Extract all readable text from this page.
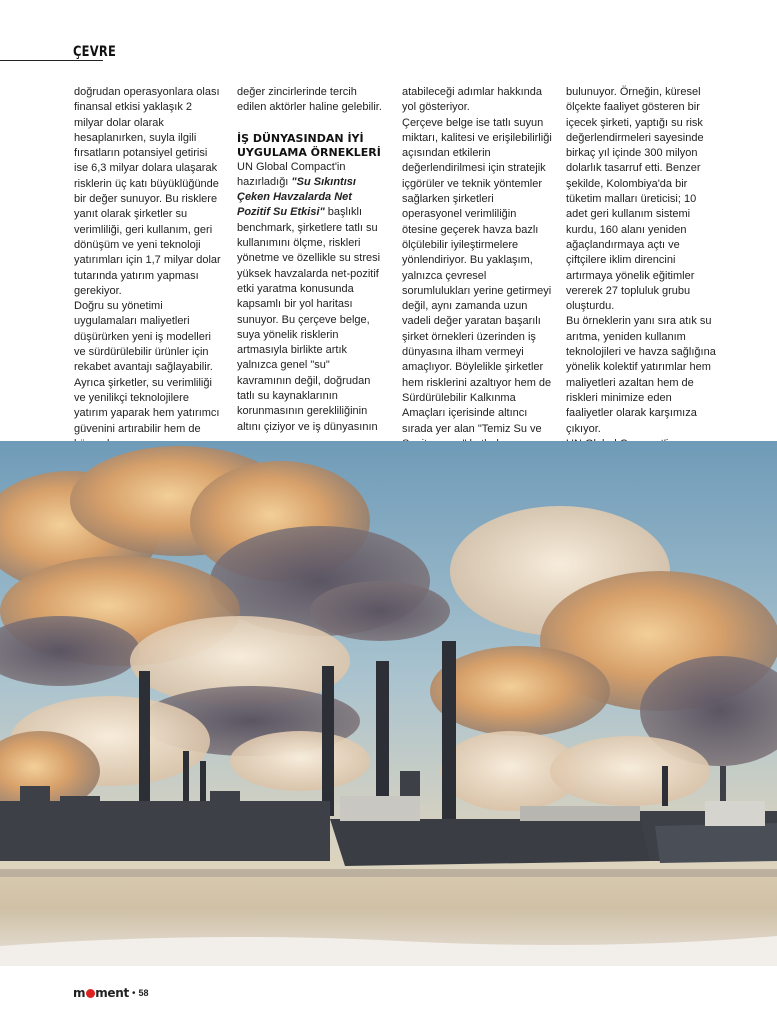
ÇEVRE

doğrudan operasyonlara olası finansal etkisi yaklaşık 2 milyar dolar olarak hesaplanırken, suyla ilgili fırsatların potansiyel getirisi ise 6,3 milyar dolara ulaşarak risklerin üç katı büyüklüğünde bir değer sunuyor. Bu risklere yanıt olarak şirketler su verimliliği, geri kullanım, geri dönüşüm ve yeni teknoloji yatırımları için 1,7 milyar dolar tutarında yatırım yapması gerekiyor.

Doğru su yönetimi uygulamaları maliyetleri düşürürken yeni iş modelleri ve sürdürülebilir ürünler için rekabet avantajı sağlayabilir. Ayrıca şirketler, su verimliliği ve yenilikçi teknolojilere yatırım yaparak hem yatırımcı güvenini artırabilir hem de

değer zincirlerinde tercih edilen aktörler haline gelebilir.

İŞ DÜNYASINDAN İYİ UYGULAMA ÖRNEKLERİ

UN Global Compact'in hazırladığı "Su Sıkıntısı Çeken Havzalarda Net Pozitif Su Etkisi" başlıklı benchmark, şirketlere tatlı su kullanımını ölçme, riskleri yönetme ve özellikle su stresi yüksek havzalarda net-pozitif etki yaratma konusunda kapsamlı bir yol haritası sunuyor. Bu çerçeve belge, suya yönelik risklerin artmasıyla birlikte artık yalnızca genel "su" kavramının değil, doğrudan tatlı su kaynaklarının korunmasının gerekliliğinin altını çiziyor ve iş dünyasının

atabileceği adımlar hakkında yol gösteriyor.

Çerçeve belge ise tatlı suyun miktarı, kalitesi ve erişilebilirliği açısından etkilerin değerlendirilmesi için stratejik içgörüler ve teknik yöntemler sağlarken şirketleri operasyonel verimliliğin ötesine geçerek havza bazlı ölçülebilir iyileştirmelere yönlendiriyor. Bu yaklaşım, yalnızca çevresel sorumlulukları yerine getirmeyi değil, aynı zamanda uzun vadeli değer yaratan başarılı şirket örnekleri üzerinden iş dünyasına ilham vermeyi amaçlıyor. Böylelikle şirketler hem risklerini azaltıyor hem de Sürdürülebilir Kalkınma Amaçları içerisinde altıncı sırada yer alan "Temiz Su ve

bulunuyor. Örneğin, küresel ölçekte faaliyet gösteren bir içecek şirketi, yaptığı su risk değerlendirmeleri sayesinde birkaç yıl içinde 300 milyon dolarlık tasarruf etti. Benzer şekilde, Kolombiya'da bir tüketim malları üreticisi; 10 adet geri kullanım sistemi kurdu, 160 alanı yeniden ağaçlandırmaya açtı ve çiftçilere iklim direncini artırmaya yönelik eğitimler vererek 27 topluluk grubu oluşturdu.

Bu örneklerin yanı sıra atık su arıtma, yeniden kullanım teknolojileri ve havza sağlığına yönelik kolektif yatırımlar hem maliyetleri azaltan hem de riskleri minimize eden faaliyetler olarak karşımıza çıkıyor.

m ment • 58
